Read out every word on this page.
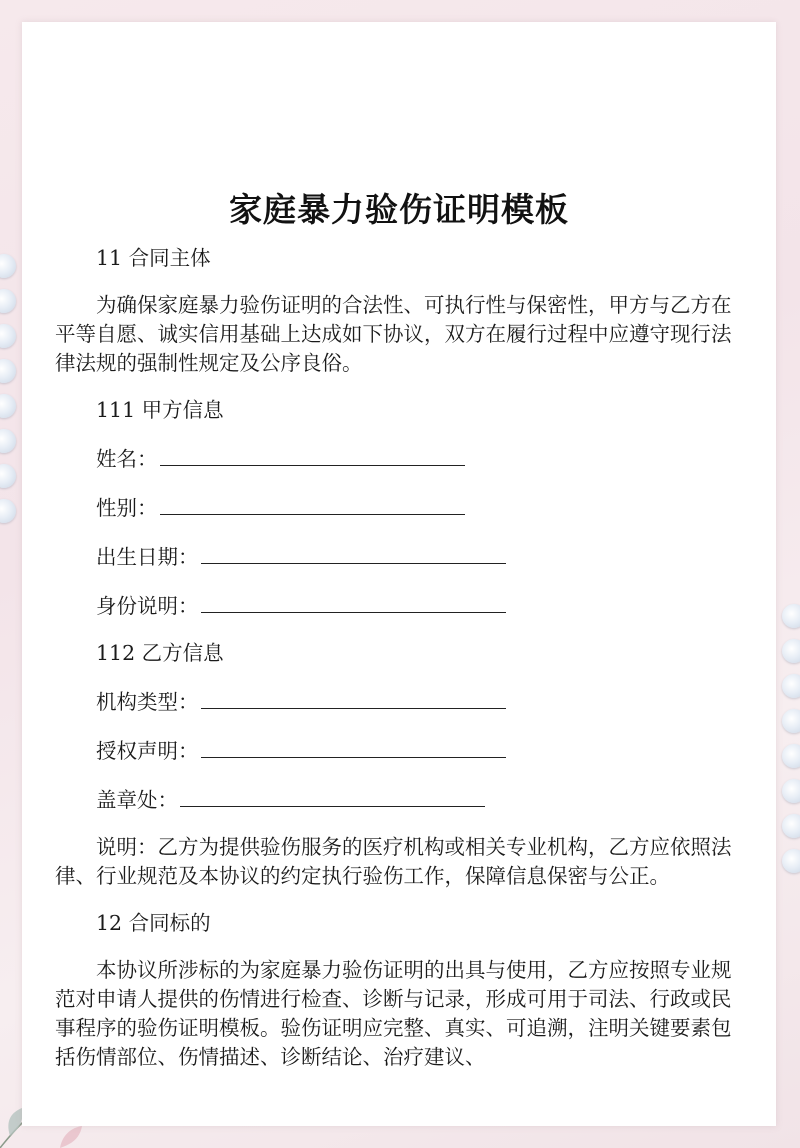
家庭暴力验伤证明模板

11 合同主体

为确保家庭暴力验伤证明的合法性、可执行性与保密性，甲方与乙方在平等自愿、诚实信用基础上达成如下协议，双方在履行过程中应遵守现行法律法规的强制性规定及公序良俗。

111 甲方信息

姓名：

性别：

出生日期：

身份说明：

112 乙方信息

机构类型：

授权声明：

盖章处：

说明：乙方为提供验伤服务的医疗机构或相关专业机构，乙方应依照法律、行业规范及本协议的约定执行验伤工作，保障信息保密与公正。

12 合同标的

本协议所涉标的为家庭暴力验伤证明的出具与使用，乙方应按照专业规范对申请人提供的伤情进行检查、诊断与记录，形成可用于司法、行政或民事程序的验伤证明模板。验伤证明应完整、真实、可追溯，注明关键要素包括伤情部位、伤情描述、诊断结论、治疗建议、
